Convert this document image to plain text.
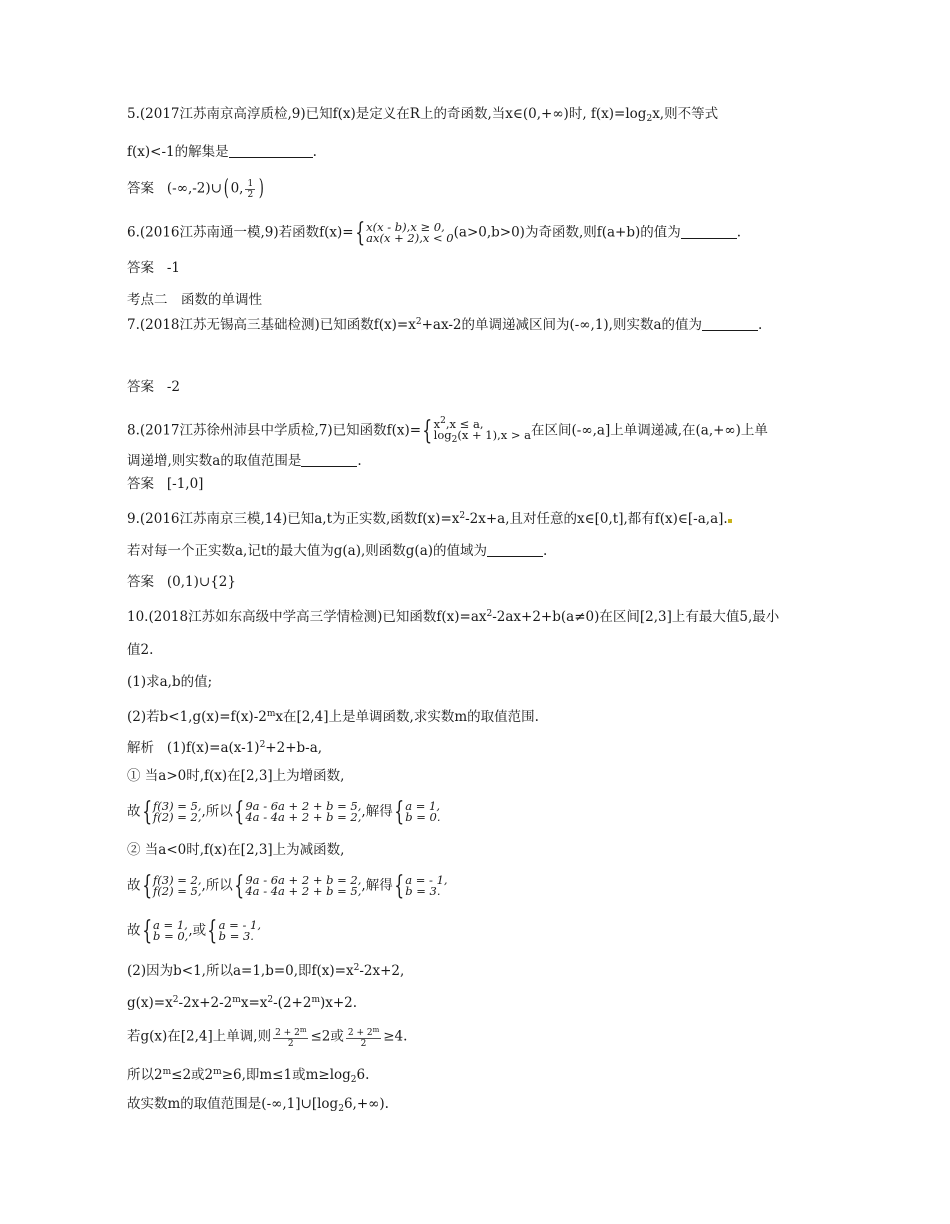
5.(2017江苏南京高淳质检,9)已知f(x)是定义在R上的奇函数,当x∈(0,+∞)时, $f(x)=\log_2x$,则不等式
f(x)<-1的解集是	.
答案 (-∞,-2)∪( 0, $\frac{1}{2}$ )
6.(2016江苏南通一模,9)若函数f(x)= { x(x - b),x ≥ 0,
ax(x + 2),x < 0 (a>0,b>0)为奇函数,则f(a+b)的值为	.
答案 -1
考点二　函数的单调性
7.(2018江苏无锡高三基础检测)已知函数$f(x)=x^2+ax-2$的单调递减区间为(-∞,1),则实数a的值为	.
答案 -2
8.(2017江苏徐州沛县中学质检,7)已知函数f(x)= { $x^2,x \le a$,
$\log_2(x + 1),x > a$ 在区间(-∞,a]上单调递减,在(a,+∞)上单
调递增,则实数a的取值范围是	.
答案 [-1,0]
9.(2016江苏南京三模,14)已知a,t为正实数,函数$f(x)=x^2-2x+a$,且对任意的x∈[0,t],都有f(x)∈[-a,a].
若对每一个正实数a,记t的最大值为g(a),则函数g(a)的值域为	.
答案 (0,1)∪{2}
10.(2018江苏如东高级中学高三学情检测)已知函数$f(x)=ax^2-2ax+2+b(a\ne 0)$在区间[2,3]上有最大值5,最小
值2.
(1)求a,b的值;
(2)若$b<1,g(x)=f(x)-2^mx$在[2,4]上是单调函数,求实数m的取值范围.
解析 $(1)f(x)=a(x-1)^2+2+b-a$,
① 当a>0时,f(x)在[2,3]上为增函数,
故 { f(3) = 5,
f(2) = 2, ,所以 { 9a - 6a + 2 + b = 5,
4a - 4a + 2 + b = 2, ,解得 { a = 1,
b = 0.
② 当a<0时,f(x)在[2,3]上为减函数,
故 { f(3) = 2,
f(2) = 5, ,所以 { 9a - 6a + 2 + b = 2,
4a - 4a + 2 + b = 5, ,解得 { a = - 1,
b = 3.
故 { a = 1,
b = 0, ,或 { a = - 1,
b = 3.
(2)因为b<1,所以a=1,b=0,即$f(x)=x^2-2x+2$,
$g(x)=x^2-2x+2-2^mx=x^2-(2+2^m)x+2$.
若g(x)在[2,4]上单调,则 $\frac{2 + 2^m}{2} \le 2$或 $\frac{2 + 2^m}{2} \ge 4$.
所以$2^m\le 2$或$2^m\ge 6$,即m≤1或$m\ge\log_26$.
故实数m的取值范围是$(-\infty,1]\cup[\log_26,+\infty)$.
